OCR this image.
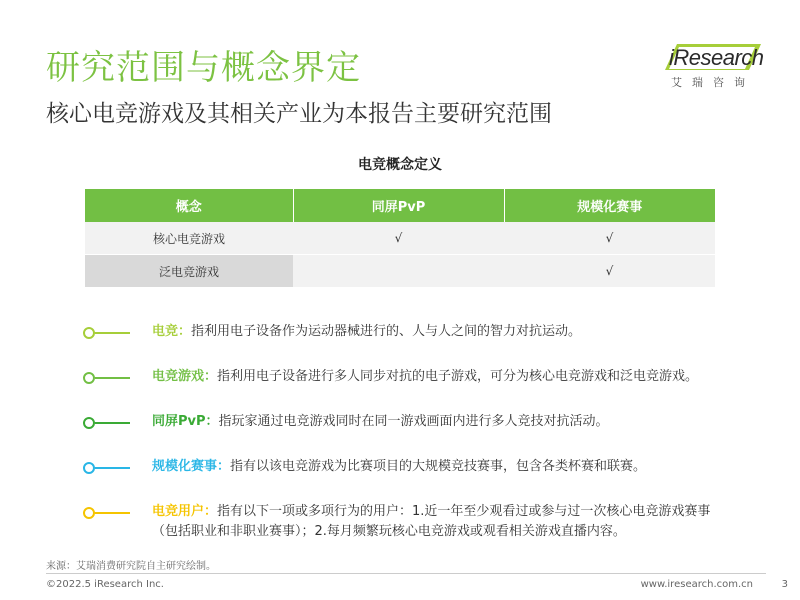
研究范围与概念界定
核心电竞游戏及其相关产业为本报告主要研究范围
iResearch
艾瑞咨询
电竞概念定义
概念	同屏PvP	规模化赛事
核心电竞游戏	√	√
泛电竞游戏		√
电竞：指利用电子设备作为运动器械进行的、人与人之间的智力对抗运动。
电竞游戏：指利用电子设备进行多人同步对抗的电子游戏，可分为核心电竞游戏和泛电竞游戏。
同屏PvP：指玩家通过电竞游戏同时在同一游戏画面内进行多人竞技对抗活动。
规模化赛事：指有以该电竞游戏为比赛项目的大规模竞技赛事，包含各类杯赛和联赛。
电竞用户：指有以下一项或多项行为的用户：1.近一年至少观看过或参与过一次核心电竞游戏赛事（包括职业和非职业赛事）；2.每月频繁玩核心电竞游戏或观看相关游戏直播内容。
来源：艾瑞消费研究院自主研究绘制。
©2022.5 iResearch Inc.	www.iresearch.com.cn	3
